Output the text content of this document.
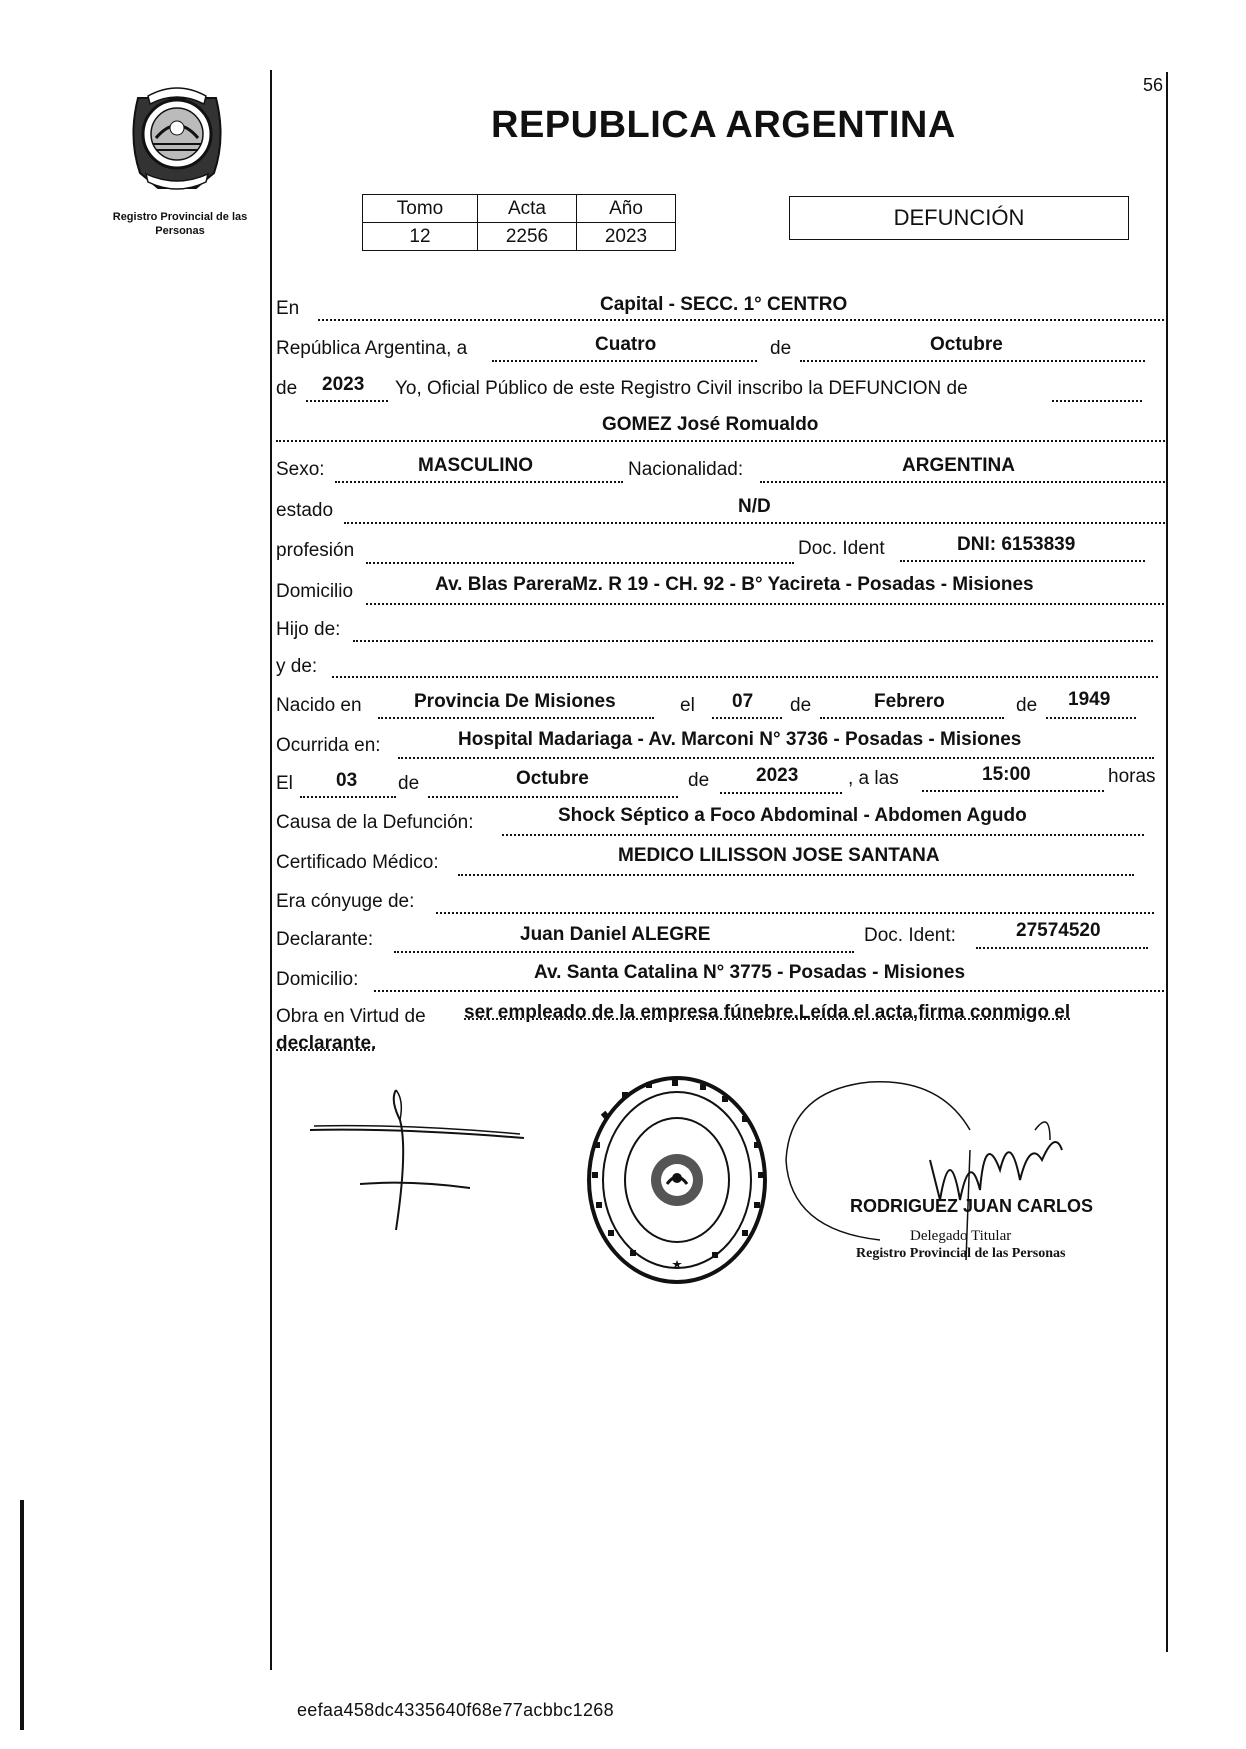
Registro Provincial de las Personas
56
REPUBLICA ARGENTINA
Tomo	Acta	Año
12	2256	2023
DEFUNCIÓN
En	Capital - SECC. 1° CENTRO
República Argentina, a	Cuatro	de	Octubre
de 2023 Yo, Oficial Público de este Registro Civil inscribo la DEFUNCION de
GOMEZ José Romualdo
Sexo:	MASCULINO	Nacionalidad:	ARGENTINA
estado	N/D
profesión	Doc. Ident	DNI: 6153839
Domicilio	Av. Blas PareraMz. R 19 - CH. 92 - B° Yacireta - Posadas - Misiones
Hijo de:
y de:
Nacido en	Provincia De Misiones	el 07 de	Febrero	de 1949
Ocurrida en:	Hospital Madariaga - Av. Marconi N° 3736 - Posadas - Misiones
El 03 de	Octubre	de 2023	, a las	15:00	horas
Causa de la Defunción:	Shock Séptico a Foco Abdominal - Abdomen Agudo
Certificado Médico:	MEDICO LILISSON JOSE SANTANA
Era cónyuge de:
Declarante:	Juan Daniel ALEGRE	Doc. Ident:	27574520
Domicilio:	Av. Santa Catalina N° 3775 - Posadas - Misiones
Obra en Virtud de ser empleado de la empresa fúnebre.Leída el acta,firma conmigo el
declarante.
RODRIGUEZ JUAN CARLOS
Delegado Titular
Registro Provincial de las Personas
eefaa458dc4335640f68e77acbbc1268
